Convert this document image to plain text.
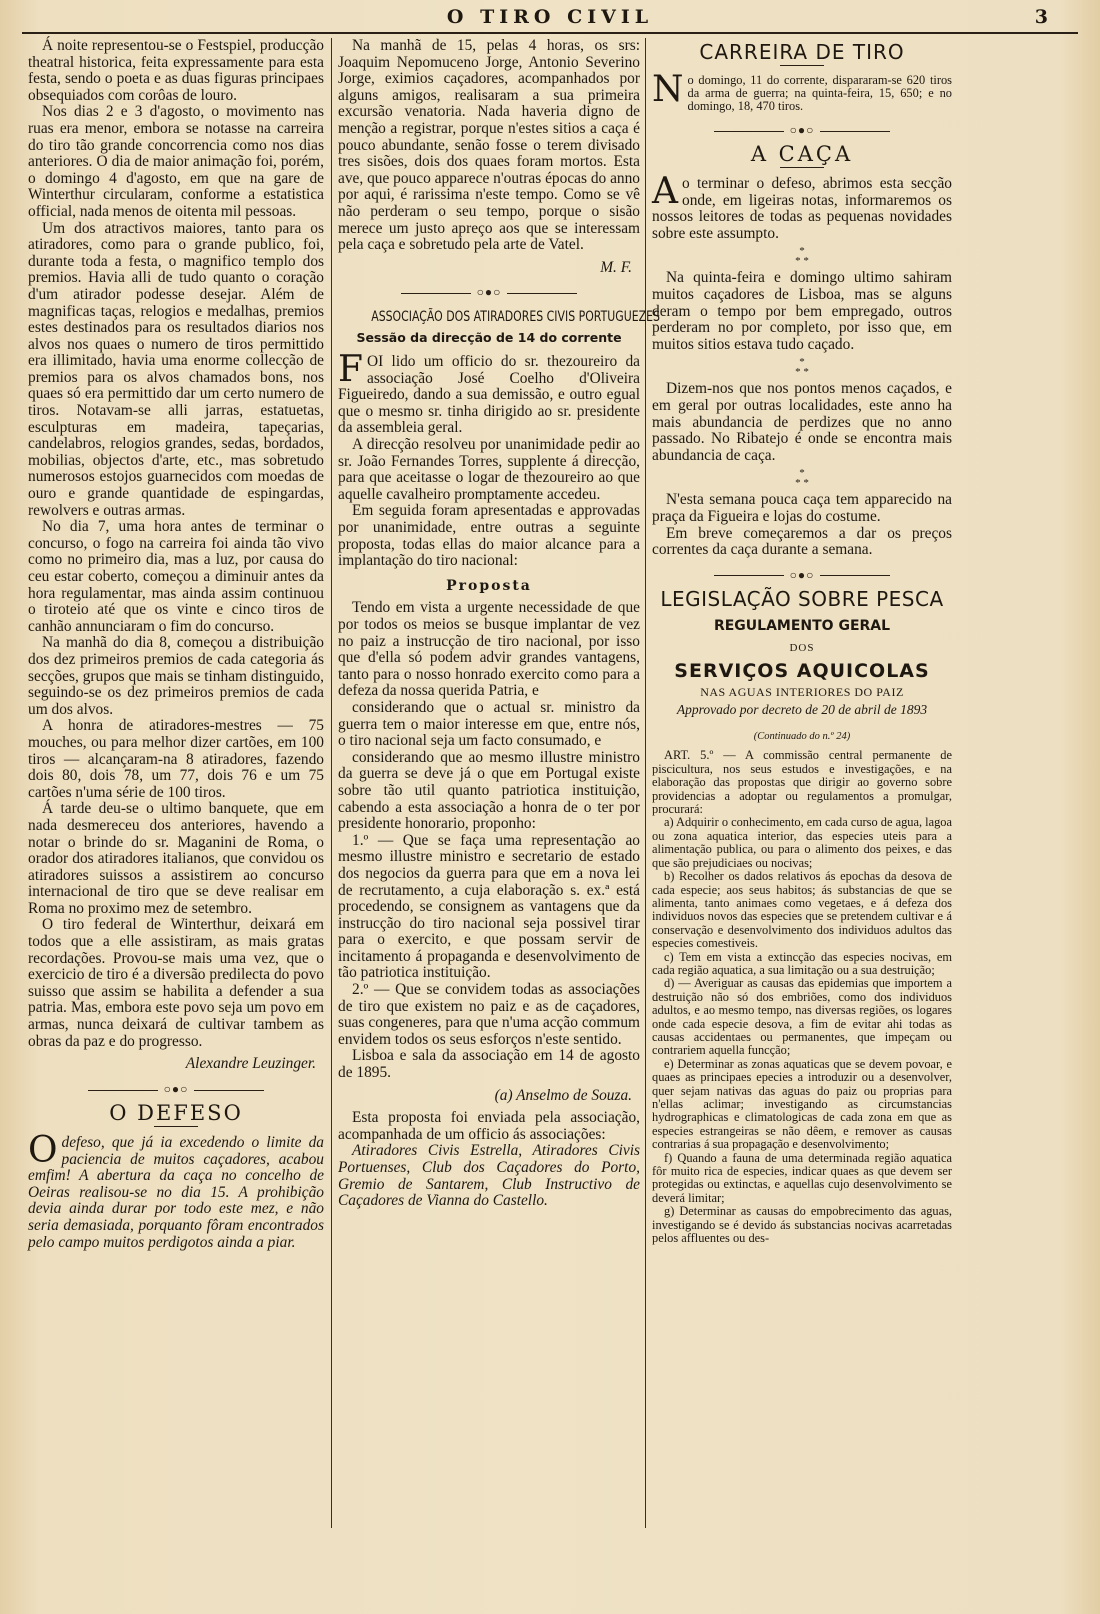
O TIRO CIVIL	3

Á noite representou-se o Festspiel, producção theatral historica, feita expressamente para esta festa, sendo o poeta e as duas figuras principaes obsequiados com corôas de louro.

Nos dias 2 e 3 d'agosto, o movimento nas ruas era menor, embora se notasse na carreira do tiro tão grande concorrencia como nos dias anteriores. O dia de maior animação foi, porém, o domingo 4 d'agosto, em que na gare de Winterthur circularam, conforme a estatistica official, nada menos de oitenta mil pessoas.

Um dos atractivos maiores, tanto para os atiradores, como para o grande publico, foi, durante toda a festa, o magnifico templo dos premios. Havia alli de tudo quanto o coração d'um atirador podesse desejar. Além de magnificas taças, relogios e medalhas, premios estes destinados para os resultados diarios nos alvos nos quaes o numero de tiros permittido era illimitado, havia uma enorme collecção de premios para os alvos chamados bons, nos quaes só era permittido dar um certo numero de tiros. Notavam-se alli jarras, estatuetas, esculpturas em madeira, tapeçarias, candelabros, relogios grandes, sedas, bordados, mobilias, objectos d'arte, etc., mas sobretudo numerosos estojos guarnecidos com moedas de ouro e grande quantidade de espingardas, rewolvers e outras armas.

No dia 7, uma hora antes de terminar o concurso, o fogo na carreira foi ainda tão vivo como no primeiro dia, mas a luz, por causa do ceu estar coberto, começou a diminuir antes da hora regulamentar, mas ainda assim continuou o tiroteio até que os vinte e cinco tiros de canhão annunciaram o fim do concurso.

Na manhã do dia 8, começou a distribuição dos dez primeiros premios de cada categoria ás secções, grupos que mais se tinham distinguido, seguindo-se os dez primeiros premios de cada um dos alvos.

A honra de atiradores-mestres — 75 mouches, ou para melhor dizer cartões, em 100 tiros — alcançaram-na 8 atiradores, fazendo dois 80, dois 78, um 77, dois 76 e um 75 cartões n'uma série de 100 tiros.

Á tarde deu-se o ultimo banquete, que em nada desmereceu dos anteriores, havendo a notar o brinde do sr. Maganini de Roma, o orador dos atiradores italianos, que convidou os atiradores suissos a assistirem ao concurso internacional de tiro que se deve realisar em Roma no proximo mez de setembro.

O tiro federal de Winterthur, deixará em todos que a elle assistiram, as mais gratas recordações. Provou-se mais uma vez, que o exercicio de tiro é a diversão predilecta do povo suisso que assim se habilita a defender a sua patria. Mas, embora este povo seja um povo em armas, nunca deixará de cultivar tambem as obras da paz e do progresso.

Alexandre Leuzinger.
○●○
O DEFESO

Odefeso, que já ia excedendo o limite da paciencia de muitos caçadores, acabou emfim! A abertura da caça no concelho de Oeiras realisou-se no dia 15. A prohibição devia ainda durar por todo este mez, e não seria demasiada, porquanto fôram encontrados pelo campo muitos perdigotos ainda a piar.

Na manhã de 15, pelas 4 horas, os srs: Joaquim Nepomuceno Jorge, Antonio Severino Jorge, eximios caçadores, acompanhados por alguns amigos, realisaram a sua primeira excursão venatoria. Nada haveria digno de menção a registrar, porque n'estes sitios a caça é pouco abundante, senão fosse o terem divisado tres sisões, dois dos quaes foram mortos. Esta ave, que pouco apparece n'outras épocas do anno por aqui, é rarissima n'este tempo. Como se vê não perderam o seu tempo, porque o sisão merece um justo apreço aos que se interessam pela caça e sobretudo pela arte de Vatel.

M. F.
○●○
ASSOCIAÇÃO DOS ATIRADORES CIVIS PORTUGUEZES
Sessão da direcção de 14 do corrente

FOI lido um officio do sr. thezoureiro da associação José Coelho d'Oliveira Figueiredo, dando a sua demissão, e outro egual que o mesmo sr. tinha dirigido ao sr. presidente da assembleia geral.

A direcção resolveu por unanimidade pedir ao sr. João Fernandes Torres, supplente á direcção, para que aceitasse o logar de thezoureiro ao que aquelle cavalheiro promptamente accedeu.

Em seguida foram apresentadas e approvadas por unanimidade, entre outras a seguinte proposta, todas ellas do maior alcance para a implantação do tiro nacional:

Proposta

Tendo em vista a urgente necessidade de que por todos os meios se busque implantar de vez no paiz a instrucção de tiro nacional, por isso que d'ella só podem advir grandes vantagens, tanto para o nosso honrado exercito como para a defeza da nossa querida Patria, e

considerando que o actual sr. ministro da guerra tem o maior interesse em que, entre nós, o tiro nacional seja um facto consumado, e

considerando que ao mesmo illustre ministro da guerra se deve já o que em Portugal existe sobre tão util quanto patriotica instituição, cabendo a esta associação a honra de o ter por presidente honorario, proponho:

1.º — Que se faça uma representação ao mesmo illustre ministro e secretario de estado dos negocios da guerra para que em a nova lei de recrutamento, a cuja elaboração s. ex.ª está procedendo, se consignem as vantagens que da instrucção do tiro nacional seja possivel tirar para o exercito, e que possam servir de incitamento á propaganda e desenvolvimento de tão patriotica instituição.

2.º — Que se convidem todas as associações de tiro que existem no paiz e as de caçadores, suas congeneres, para que n'uma acção commum envidem todos os seus esforços n'este sentido.

Lisboa e sala da associação em 14 de agosto de 1895.

(a) Anselmo de Souza.

Esta proposta foi enviada pela associação, acompanhada de um officio ás associações:

Atiradores Civis Estrella, Atiradores Civis Portuenses, Club dos Caçadores do Porto, Gremio de Santarem, Club Instructivo de Caçadores de Vianna do Castello.

CARREIRA DE TIRO

No domingo, 11 do corrente, dispararam-se 620 tiros da arma de guerra; na quinta-feira, 15, 650; e no domingo, 18, 470 tiros.

○●○
A CAÇA

Ao terminar o defeso, abrimos esta secção onde, em ligeiras notas, informaremos os nossos leitores de todas as pequenas novidades sobre este assumpto.

*
* *

Na quinta-feira e domingo ultimo sahiram muitos caçadores de Lisboa, mas se alguns deram o tempo por bem empregado, outros perderam no por completo, por isso que, em muitos sitios estava tudo caçado.

*
* *

Dizem-nos que nos pontos menos caçados, e em geral por outras localidades, este anno ha mais abundancia de perdizes que no anno passado. No Ribatejo é onde se encontra mais abundancia de caça.

*
* *

N'esta semana pouca caça tem apparecido na praça da Figueira e lojas do costume.

Em breve começaremos a dar os preços correntes da caça durante a semana.

○●○
LEGISLAÇÃO SOBRE PESCA
REGULAMENTO GERAL
DOS
SERVIÇOS AQUICOLAS
NAS AGUAS INTERIORES DO PAIZ
Approvado por decreto de 20 de abril de 1893
(Continuado do n.º 24)

ART. 5.º — A commissão central permanente de piscicultura, nos seus estudos e investigações, e na elaboração das propostas que dirigir ao governo sobre providencias a adoptar ou regulamentos a promulgar, procurará:

a) Adquirir o conhecimento, em cada curso de agua, lagoa ou zona aquatica interior, das especies uteis para a alimentação publica, ou para o alimento dos peixes, e das que são prejudiciaes ou nocivas;

b) Recolher os dados relativos ás epochas da desova de cada especie; aos seus habitos; ás substancias de que se alimenta, tanto animaes como vegetaes, e á defeza dos individuos novos das especies que se pretendem cultivar e á conservação e desenvolvimento dos individuos adultos das especies comestiveis.

c) Tem em vista a extincção das especies nocivas, em cada região aquatica, a sua limitação ou a sua destruição;

d) — Averiguar as causas das epidemias que importem a destruição não só dos embriões, como dos individuos adultos, e ao mesmo tempo, nas diversas regiões, os logares onde cada especie desova, a fim de evitar ahi todas as causas accidentaes ou permanentes, que impeçam ou contrariem aquella funcção;

e) Determinar as zonas aquaticas que se devem povoar, e quaes as principaes epecies a introduzir ou a desenvolver, quer sejam nativas das aguas do paiz ou proprias para n'ellas aclimar; investigando as circumstancias hydrographicas e climatologicas de cada zona em que as especies estrangeiras se não dêem, e remover as causas contrarias á sua propagação e desenvolvimento;

f) Quando a fauna de uma determinada região aquatica fôr muito rica de especies, indicar quaes as que devem ser protegidas ou extinctas, e aquellas cujo desenvolvimento se deverá limitar;

g) Determinar as causas do empobrecimento das aguas, investigando se é devido ás substancias nocivas acarretadas pelos affluentes ou des-
